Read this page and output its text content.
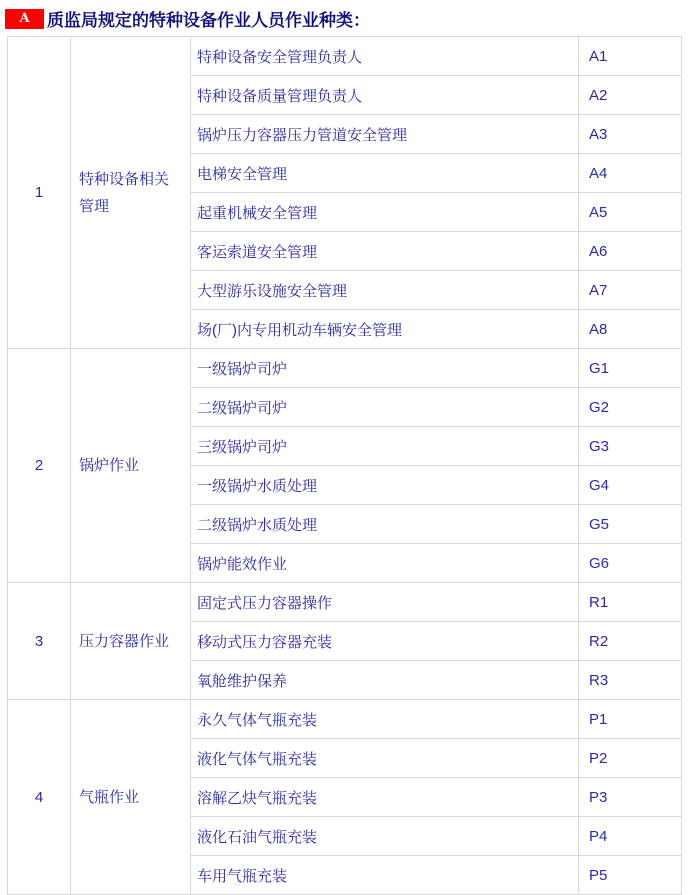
A	质监局规定的特种设备作业人员作业种类：
1	特种设备相关管理	特种设备安全管理负责人	A1
		特种设备质量管理负责人	A2
		锅炉压力容器压力管道安全管理	A3
		电梯安全管理	A4
		起重机械安全管理	A5
		客运索道安全管理	A6
		大型游乐设施安全管理	A7
		场(厂)内专用机动车辆安全管理	A8
2	锅炉作业	一级锅炉司炉	G1
		二级锅炉司炉	G2
		三级锅炉司炉	G3
		一级锅炉水质处理	G4
		二级锅炉水质处理	G5
		锅炉能效作业	G6
3	压力容器作业	固定式压力容器操作	R1
		移动式压力容器充装	R2
		氧舱维护保养	R3
4	气瓶作业	永久气体气瓶充装	P1
		液化气体气瓶充装	P2
		溶解乙炔气瓶充装	P3
		液化石油气瓶充装	P4
		车用气瓶充装	P5
